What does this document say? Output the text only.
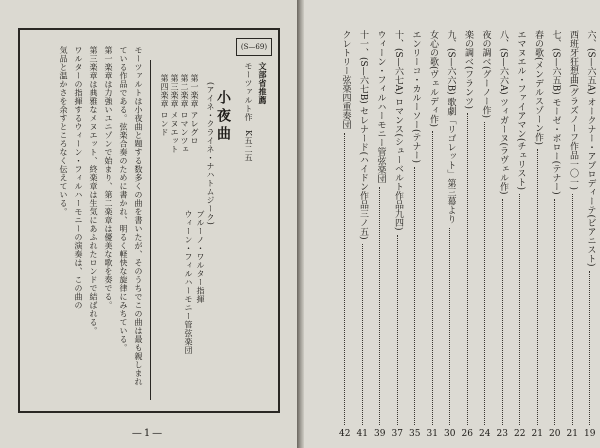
文部省推薦
(S—69)
モーツァルト作
K五二五
小夜曲
(アイネ・クライネ・ナハトムジーク)
第一楽章 アレグロ
第二楽章 ロマンツェ
第三楽章 メヌエット
第四楽章 ロンド
ブルーノ・ワルター指揮
ウィーン・フィルハーモニー管弦楽団
モーツァルトは小夜曲と題する数多くの曲を書いたが、そのうちでこの曲は最も親しまれ
ている作品である。弦楽合奏のために書かれ、明るく軽快な旋律にみちている。
第一楽章は力強いユニゾンで始まり、第二楽章は優美な歌を奏でる。
第三楽章は典雅なメヌエット、終楽章は生気にあふれたロンドで結ばれる。
ワルターの指揮するウィーン・フィルハーモニーの演奏は、この曲の
気品と温かさを余すところなく伝えている。
—1—
六、
(S—六五A) オークナー・アプロディーテ(ビアニスト)
19
西班牙狂想曲(グラズノーフ作品一〇一)
21
七、
(S—六五B) モーゼ・ボロー(テナー)
20
春の歌(メンデルスゾーン作)
21
エマヌエル・ファイアマン(チェリスト)
22
八、
(S—六六A) ツィガーヌ(ラヴェル作)
23
夜の調べ(グーノー作)
24
楽の調べ(フランツ)
26
九、
(S—六六B) 歌劇「リゴレット」第三幕より
30
女心の歌(ヴェルディ作)
31
エンリーコ・カルーソー(テナー)
35
十、
(S—六七A) ロマンス(シューベルト作品九四)
37
ウィーン・フィルハーモニー管弦楽団
39
十一、
(S—六七B) セレナード(ハイドン作品三ノ五)
41
クレトリー弦楽四重奏団
42
